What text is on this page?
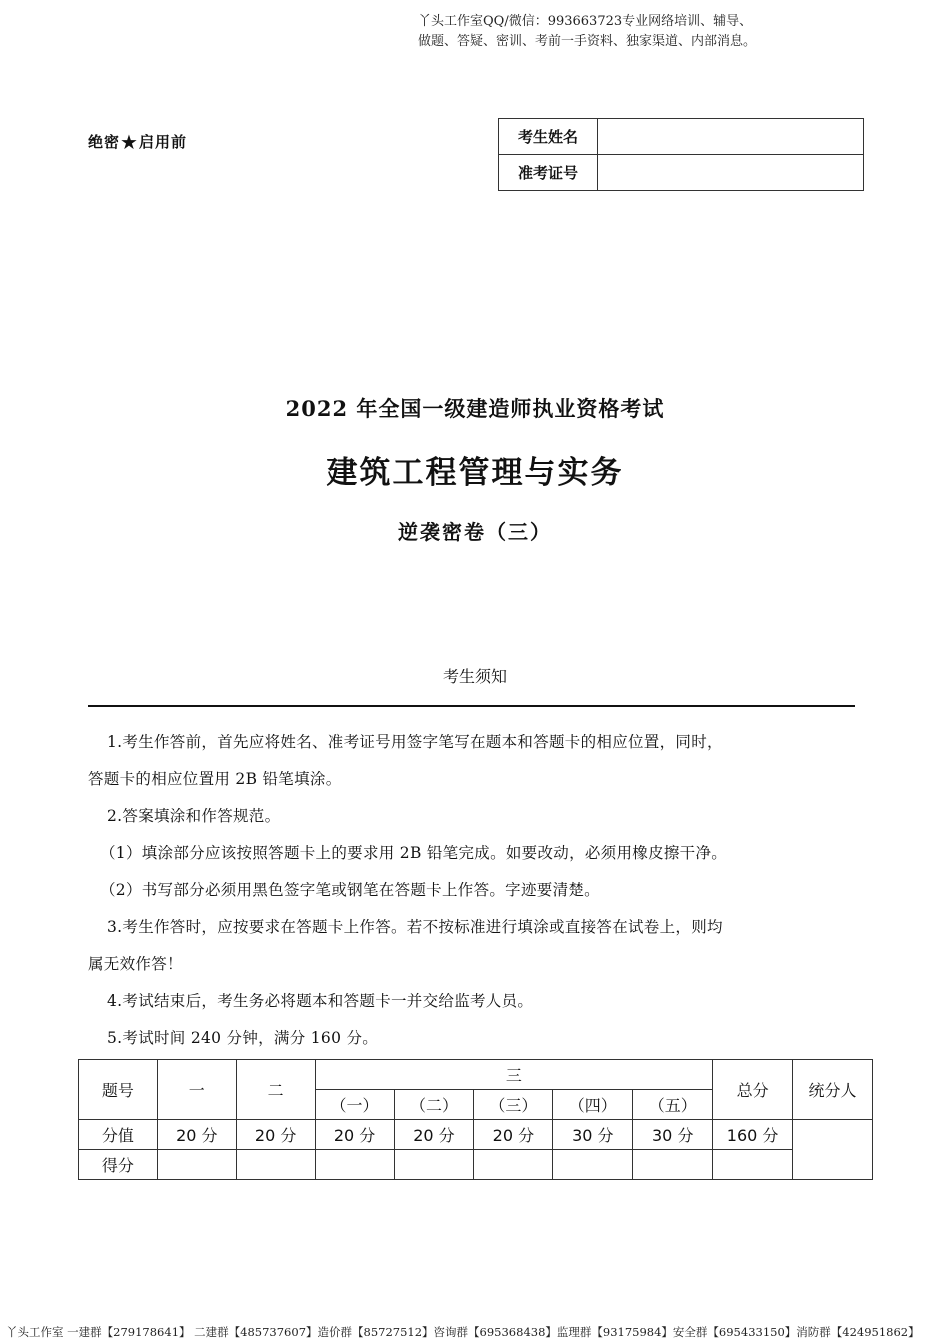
丫头工作室QQ/微信：993663723专业网络培训、辅导、
做题、答疑、密训、考前一手资料、独家渠道、内部消息。
绝密★启用前	考生姓名	
准考证号	
2022 年全国一级建造师执业资格考试
建筑工程管理与实务
逆袭密卷（三）
考生须知

1.考生作答前，首先应将姓名、准考证号用签字笔写在题本和答题卡的相应位置，同时，

答题卡的相应位置用 2B 铅笔填涂。

2.答案填涂和作答规范。

（1）填涂部分应该按照答题卡上的要求用 2B 铅笔完成。如要改动，必须用橡皮擦干净。

（2）书写部分必须用黑色签字笔或钢笔在答题卡上作答。字迹要清楚。

3.考生作答时，应按要求在答题卡上作答。若不按标准进行填涂或直接答在试卷上，则均

属无效作答！

4.考试结束后，考生务必将题本和答题卡一并交给监考人员。

5.考试时间 240 分钟，满分 160 分。

题号	一	二	三					总分	统分人
			（一）	（二）	（三）	（四）	（五）		
分值	20 分	20 分	20 分	20 分	20 分	30 分	30 分	160 分	
得分									
丫头工作室 一建群【279178641】 二建群【485737607】造价群【85727512】咨询群【695368438】监理群【93175984】安全群【695433150】消防群【424951862】
